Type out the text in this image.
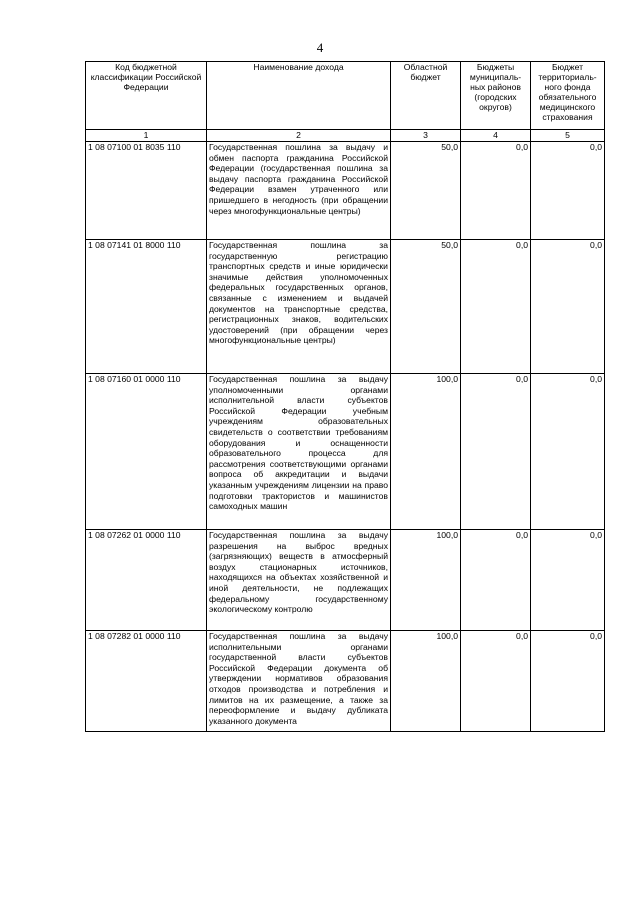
4
Код бюджетной классификации Российской Федерации	Наименование дохода	Областной бюджет	Бюджеты муниципаль-ных районов (городских округов)	Бюджет территориаль-ного фонда обязательного медицинского страхования
1	2	3	4	5
1 08 07100 01 8035 110	Государственная пошлина за выдачу и обмен паспорта гражданина Российской Федерации (государственная пошлина за выдачу паспорта гражданина Российской Федерации взамен утраченного или пришедшего в негодность (при обращении через многофункциональные центры)	50,0	0,0	0,0
1 08 07141 01 8000 110	Государственная пошлина за государственную регистрацию транспортных средств и иные юридически значимые действия уполномоченных федеральных государственных органов, связанные с изменением и выдачей документов на транспортные средства, регистрационных знаков, водительских удостоверений (при обращении через многофункциональные центры)	50,0	0,0	0,0
1 08 07160 01 0000 110	Государственная пошлина за выдачу уполномоченными органами исполнительной власти субъектов Российской Федерации учебным учреждениям образовательных свидетельств о соответствии требованиям оборудования и оснащенности образовательного процесса для рассмотрения соответствующими органами вопроса об аккредитации и выдачи указанным учреждениям лицензии на право подготовки трактористов и машинистов самоходных машин	100,0	0,0	0,0
1 08 07262 01 0000 110	Государственная пошлина за выдачу разрешения на выброс вредных (загрязняющих) веществ в атмосферный воздух стационарных источников, находящихся на объектах хозяйственной и иной деятельности, не подлежащих федеральному государственному экологическому контролю	100,0	0,0	0,0
1 08 07282 01 0000 110	Государственная пошлина за выдачу исполнительными органами государственной власти субъектов Российской Федерации документа об утверждении нормативов образования отходов производства и потребления и лимитов на их размещение, а также за переоформление и выдачу дубликата указанного документа	100,0	0,0	0,0
